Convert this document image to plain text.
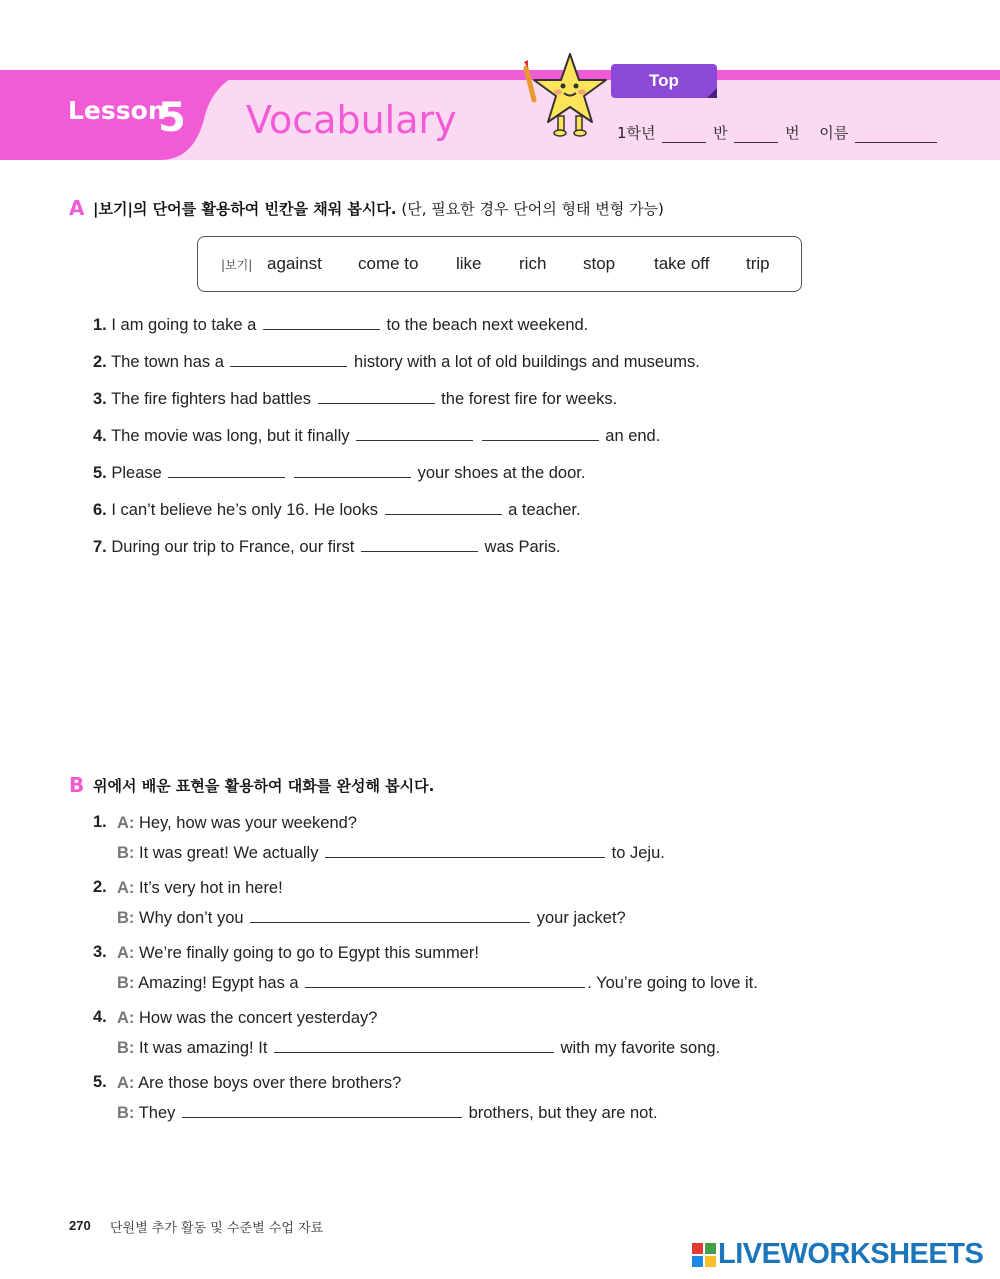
Lesson
5 Vocabulary
Top
1학년	반	번 이름
A |보기|의 단어를 활용하여 빈칸을 채워 봅시다. (단, 필요한 경우 단어의 형태 변형 가능)
|보기| against come to like rich stop take off trip
1. I am going to take a	to the beach next weekend.
2. The town has a	history with a lot of old buildings and museums.
3. The fire fighters had battles	the forest fire for weeks.
4. The movie was long, but it finally	an end.
5. Please	your shoes at the door.
6. I can’t believe he’s only 16. He looks	a teacher.
7. During our trip to France, our first	was Paris.
B 위에서 배운 표현을 활용하여 대화를 완성해 봅시다.
1. A: Hey, how was your weekend?
B: It was great! We actually	to Jeju.
2. A: It’s very hot in here!
B: Why don’t you	your jacket?
3. A: We’re finally going to go to Egypt this summer!
B: Amazing! Egypt has a	. You’re going to love it.
4. A: How was the concert yesterday?
B: It was amazing! It	with my favorite song.
5. A: Are those boys over there brothers?
B: They	brothers, but they are not.
270 단원별 추가 활동 및 수준별 수업 자료
LIVEWORKSHEETS
